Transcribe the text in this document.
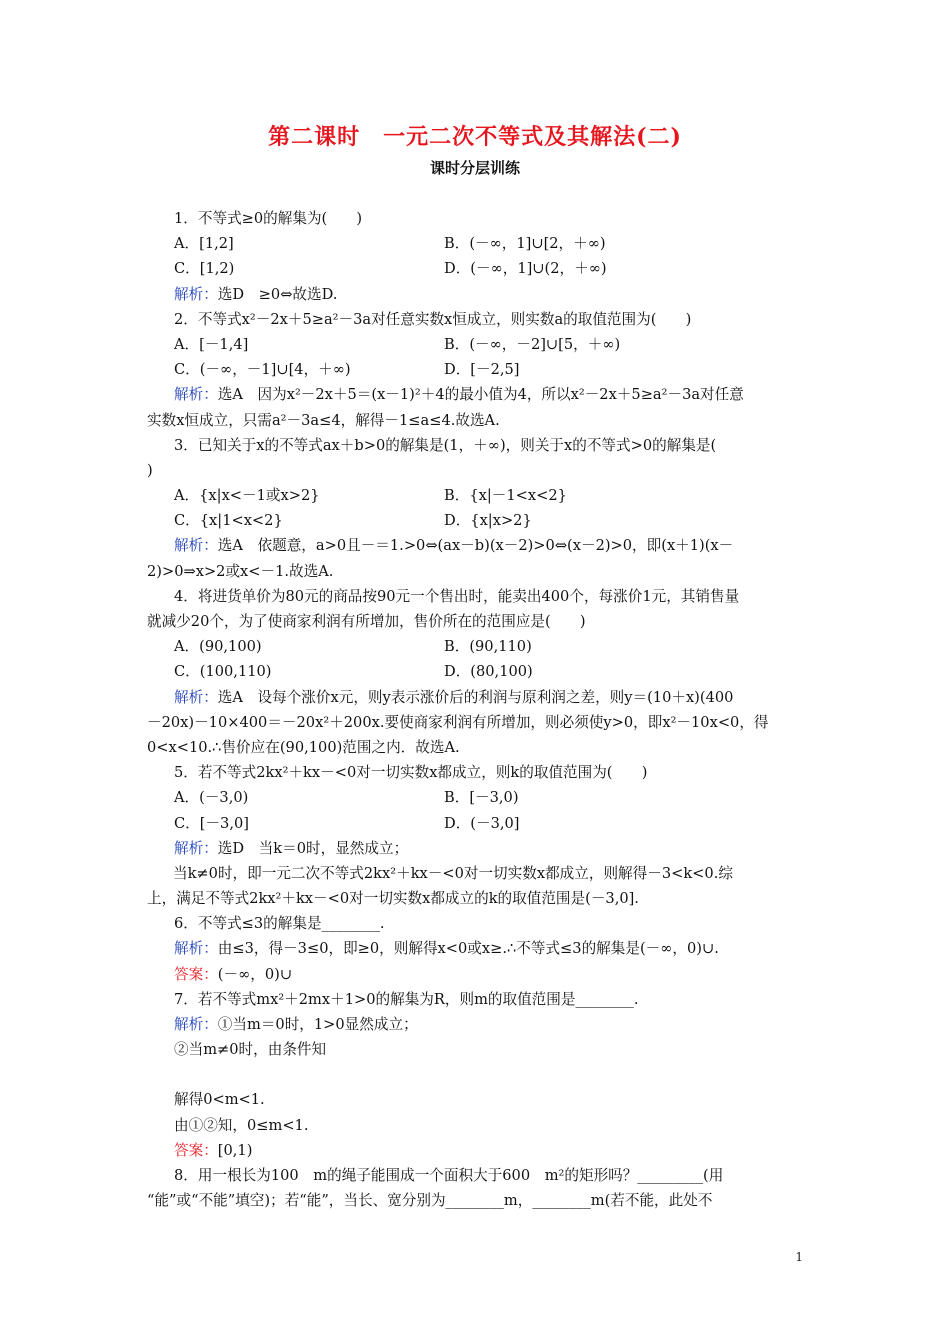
第二课时　一元二次不等式及其解法(二)
课时分层训练
1．不等式≥0的解集为(　　)
A．[1,2]	B．(－∞，1]∪[2，＋∞)
C．[1,2)	D．(－∞，1]∪(2，＋∞)
解析：选D　≥0⇔故选D.
2．不等式x²－2x＋5≥a²－3a对任意实数x恒成立，则实数a的取值范围为(　　)
A．[－1,4]	B．(－∞，－2]∪[5，＋∞)
C．(－∞，－1]∪[4，＋∞)	D．[－2,5]
解析：选A　因为x²－2x＋5＝(x－1)²＋4的最小值为4，所以x²－2x＋5≥a²－3a对任意
实数x恒成立，只需a²－3a≤4，解得－1≤a≤4.故选A.
3．已知关于x的不等式ax＋b>0的解集是(1，＋∞)，则关于x的不等式>0的解集是(
)
A．{x|x<－1或x>2}	B．{x|－1<x<2}
C．{x|1<x<2}	D．{x|x>2}
解析：选A　依题意，a>0且－＝1.>0⇔(ax－b)(x－2)>0⇔(x－2)>0，即(x＋1)(x－
2)>0⇒x>2或x<－1.故选A.
4．将进货单价为80元的商品按90元一个售出时，能卖出400个，每涨价1元，其销售量
就减少20个，为了使商家利润有所增加，售价所在的范围应是(　　)
A．(90,100)	B．(90,110)
C．(100,110)	D．(80,100)
解析：选A　设每个涨价x元，则y表示涨价后的利润与原利润之差，则y＝(10＋x)(400
－20x)－10×400＝－20x²＋200x.要使商家利润有所增加，则必须使y>0，即x²－10x<0，得
0<x<10.∴售价应在(90,100)范围之内．故选A.
5．若不等式2kx²＋kx－<0对一切实数x都成立，则k的取值范围为(　　)
A．(－3,0)	B．[－3,0)
C．[－3,0]	D．(－3,0]
解析：选D　当k＝0时，显然成立；
当k≠0时，即一元二次不等式2kx²＋kx－<0对一切实数x都成立，则解得－3<k<0.综
上，满足不等式2kx²＋kx－<0对一切实数x都成立的k的取值范围是(－3,0].
6．不等式≤3的解集是________.
解析：由≤3，得－3≤0，即≥0，则解得x<0或x≥.∴不等式≤3的解集是(－∞，0)∪.
答案：(－∞，0)∪
7．若不等式mx²＋2mx＋1>0的解集为R，则m的取值范围是________.
解析：①当m＝0时，1>0显然成立；
②当m≠0时，由条件知
解得0<m<1.
由①②知，0≤m<1.
答案：[0,1)
8．用一根长为100　m的绳子能围成一个面积大于600　m²的矩形吗？_________(用
“能”或“不能”填空)；若“能”，当长、宽分别为________m，________m(若不能，此处不
1
